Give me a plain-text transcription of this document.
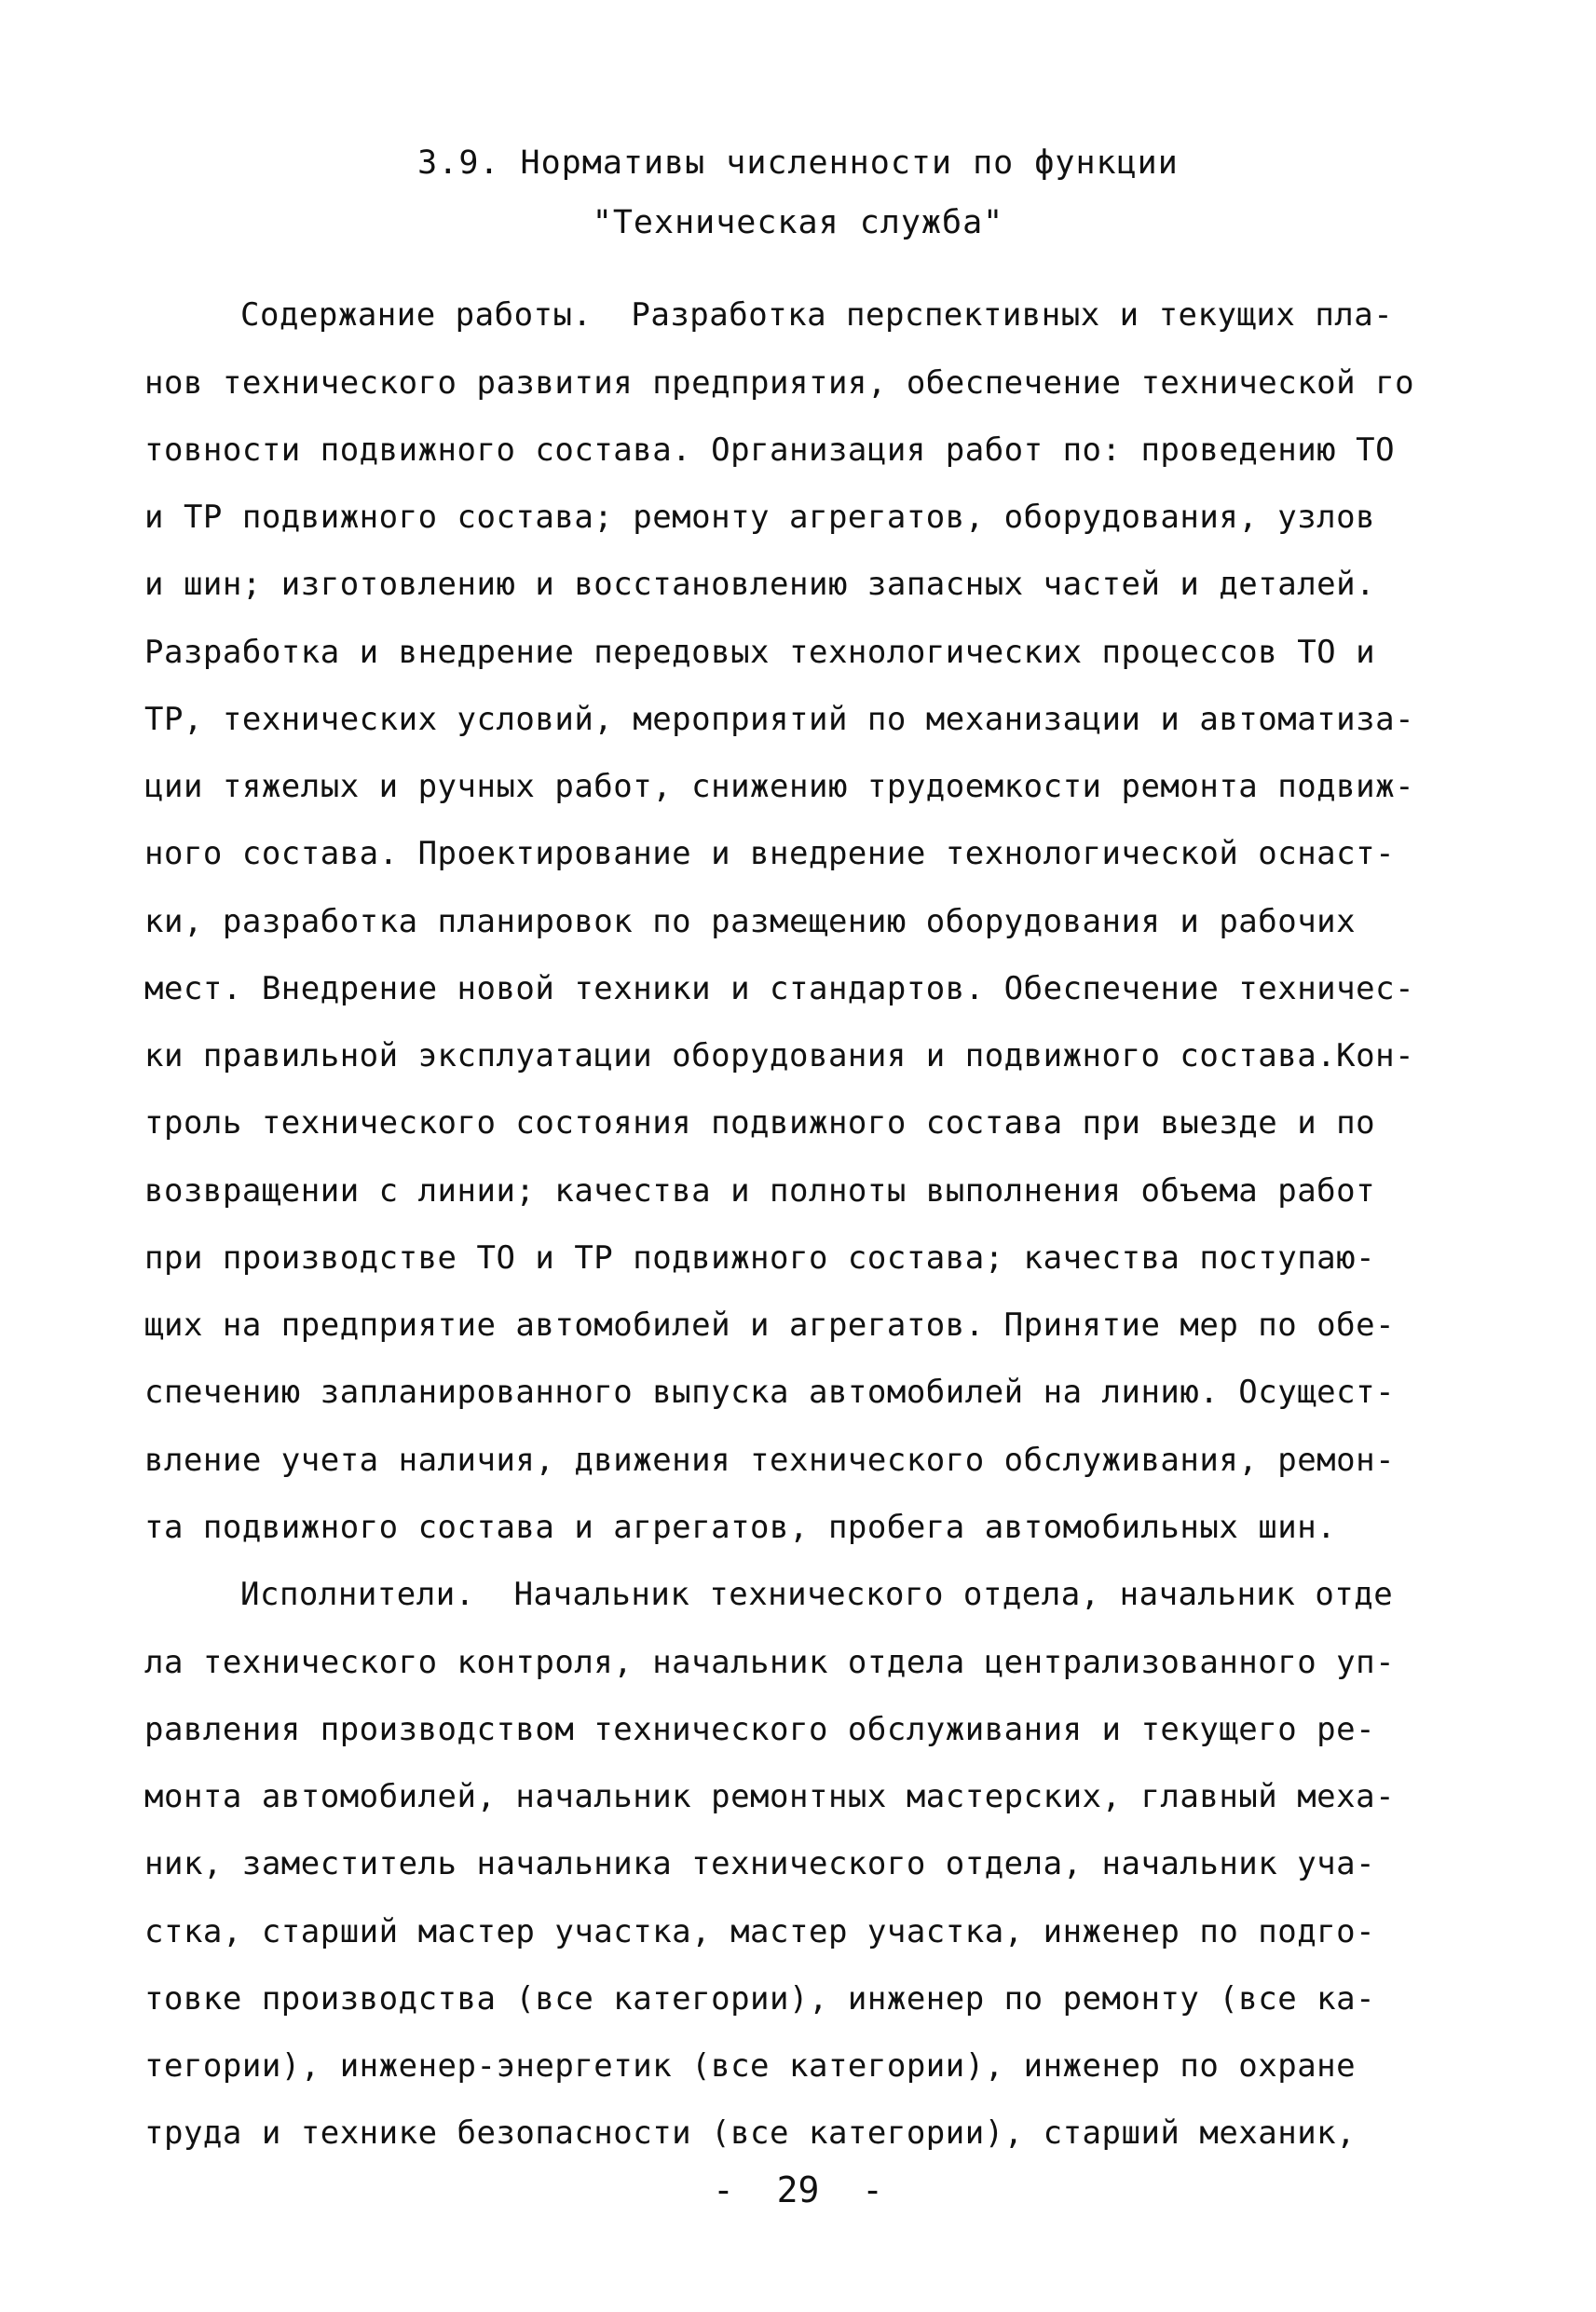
3.9. Нормативы численности по функции
"Техническая служба"
Содержание работы.  Разработка перспективных и текущих пла-
нов технического развития предприятия, обеспечение технической го
товности подвижного состава. Организация работ по: проведению ТО
и ТР подвижного состава; ремонту агрегатов, оборудования, узлов
и шин; изготовлению и восстановлению запасных частей и деталей.
Разработка и внедрение передовых технологических процессов ТО и
ТР, технических условий, мероприятий по механизации и автоматиза-
ции тяжелых и ручных работ, снижению трудоемкости ремонта подвиж-
ного состава. Проектирование и внедрение технологической оснаст-
ки, разработка планировок по размещению оборудования и рабочих
мест. Внедрение новой техники и стандартов. Обеспечение техничес-
ки правильной эксплуатации оборудования и подвижного состава.Кон-
троль технического состояния подвижного состава при выезде и по
возвращении с линии; качества и полноты выполнения объема работ
при производстве ТО и ТР подвижного состава; качества поступаю-
щих на предприятие автомобилей и агрегатов. Принятие мер по обе-
спечению запланированного выпуска автомобилей на линию. Осущест-
вление учета наличия, движения технического обслуживания, ремон-
та подвижного состава и агрегатов, пробега автомобильных шин.
Исполнители.  Начальник технического отдела, начальник отде
ла технического контроля, начальник отдела централизованного уп-
равления производством технического обслуживания и текущего ре-
монта автомобилей, начальник ремонтных мастерских, главный меха-
ник, заместитель начальника технического отдела, начальник уча-
стка, старший мастер участка, мастер участка, инженер по подго-
товке производства (все категории), инженер по ремонту (все ка-
тегории), инженер-энергетик (все категории), инженер по охране
труда и технике безопасности (все категории), старший механик,
-  29  -
